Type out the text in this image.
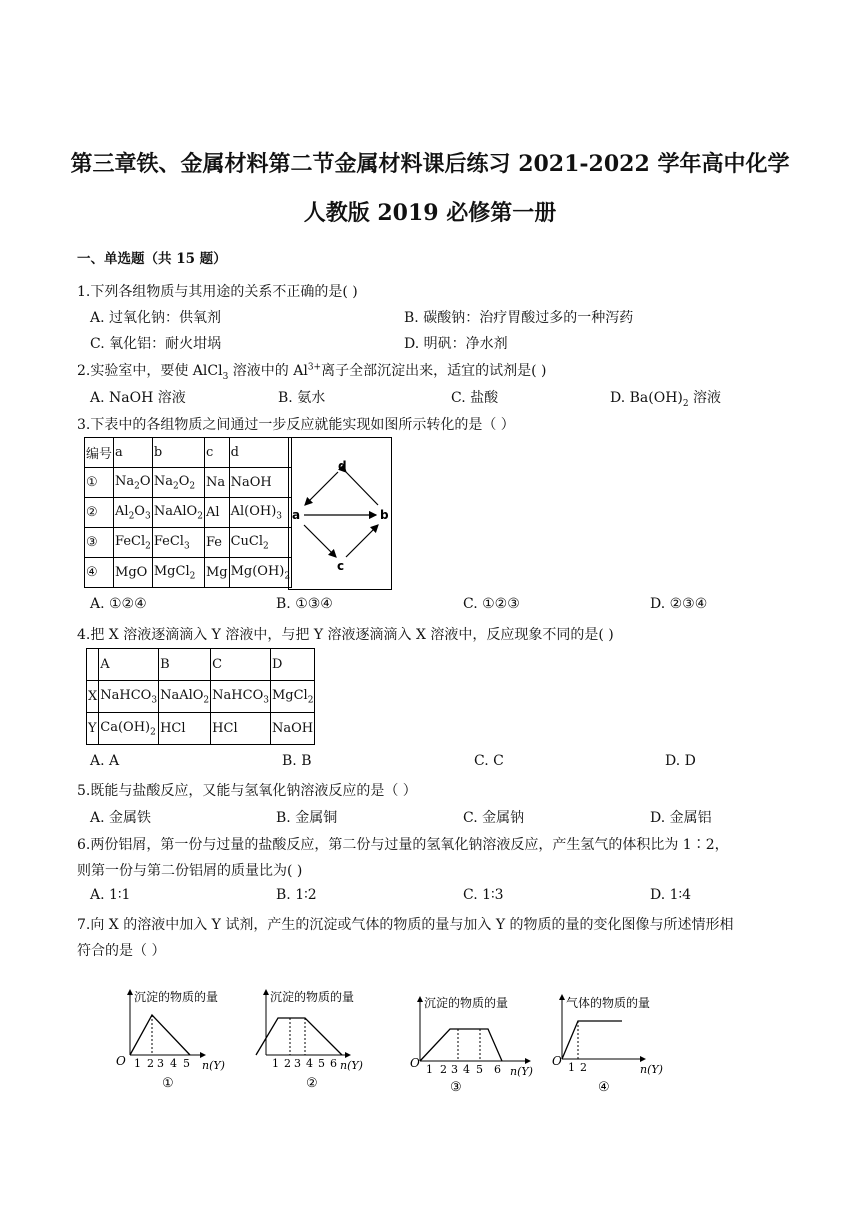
第三章铁、金属材料第二节金属材料课后练习 2021-2022 学年高中化学
人教版 2019 必修第一册
一、单选题（共 15 题）
1.下列各组物质与其用途的关系不正确的是( )
A. 过氧化钠：供氧剂	B. 碳酸钠：治疗胃酸过多的一种泻药
C. 氧化铝：耐火坩埚	D. 明矾：净水剂
2.实验室中，要使 AlCl$_3$ 溶液中的 $Al^{3+}$离子全部沉淀出来，适宜的试剂是( )
A. NaOH 溶液	B. 氨水	C. 盐酸	D. $Ba(OH)_2$ 溶液
3.下表中的各组物质之间通过一步反应就能实现如图所示转化的是（ ）
编号	a	b	c	d
①	$Na_2O$	$Na_2O_2$	Na	NaOH
②	$Al_2O_3$	NaAlO$_2$	Al	$Al(OH)_3$
③	FeCl$_2$	FeCl$_3$	Fe	CuCl$_2$
④	MgO	MgCl$_2$	Mg	$Mg(OH)_2$
d
a	b
c
A. ①②④	B. ①③④	C. ①②③	D. ②③④
4.把 X 溶液逐滴滴入 Y 溶液中，与把 Y 溶液逐滴滴入 X 溶液中，反应现象不同的是( )
	A	B	C	D
X	NaHCO$_3$	NaAlO$_2$	NaHCO$_3$	MgCl$_2$
Y	$Ca(OH)_2$	HCl	HCl	NaOH
A. A	B. B	C. C	D. D
5.既能与盐酸反应，又能与氢氧化钠溶液反应的是（ ）
A. 金属铁	B. 金属铜	C. 金属钠	D. 金属铝
6.两份铝屑，第一份与过量的盐酸反应，第二份与过量的氢氧化钠溶液反应，产生氢气的体积比为 1∶2，
则第一份与第二份铝屑的质量比为( )
A. 1∶1	B. 1∶2	C. 1∶3	D. 1∶4
7.向 X 的溶液中加入 Y 试剂，产生的沉淀或气体的物质的量与加入 Y 的物质的量的变化图像与所述情形相
符合的是（ ）
沉淀的物质的量
O 1 2 3 4 5 n(Y)
①
沉淀的物质的量
1 2 3 4 5 6 n(Y)
②
沉淀的物质的量
O 1 2 3 4 5 6 n(Y)
③
气体的物质的量
O 1 2	n(Y)
④
